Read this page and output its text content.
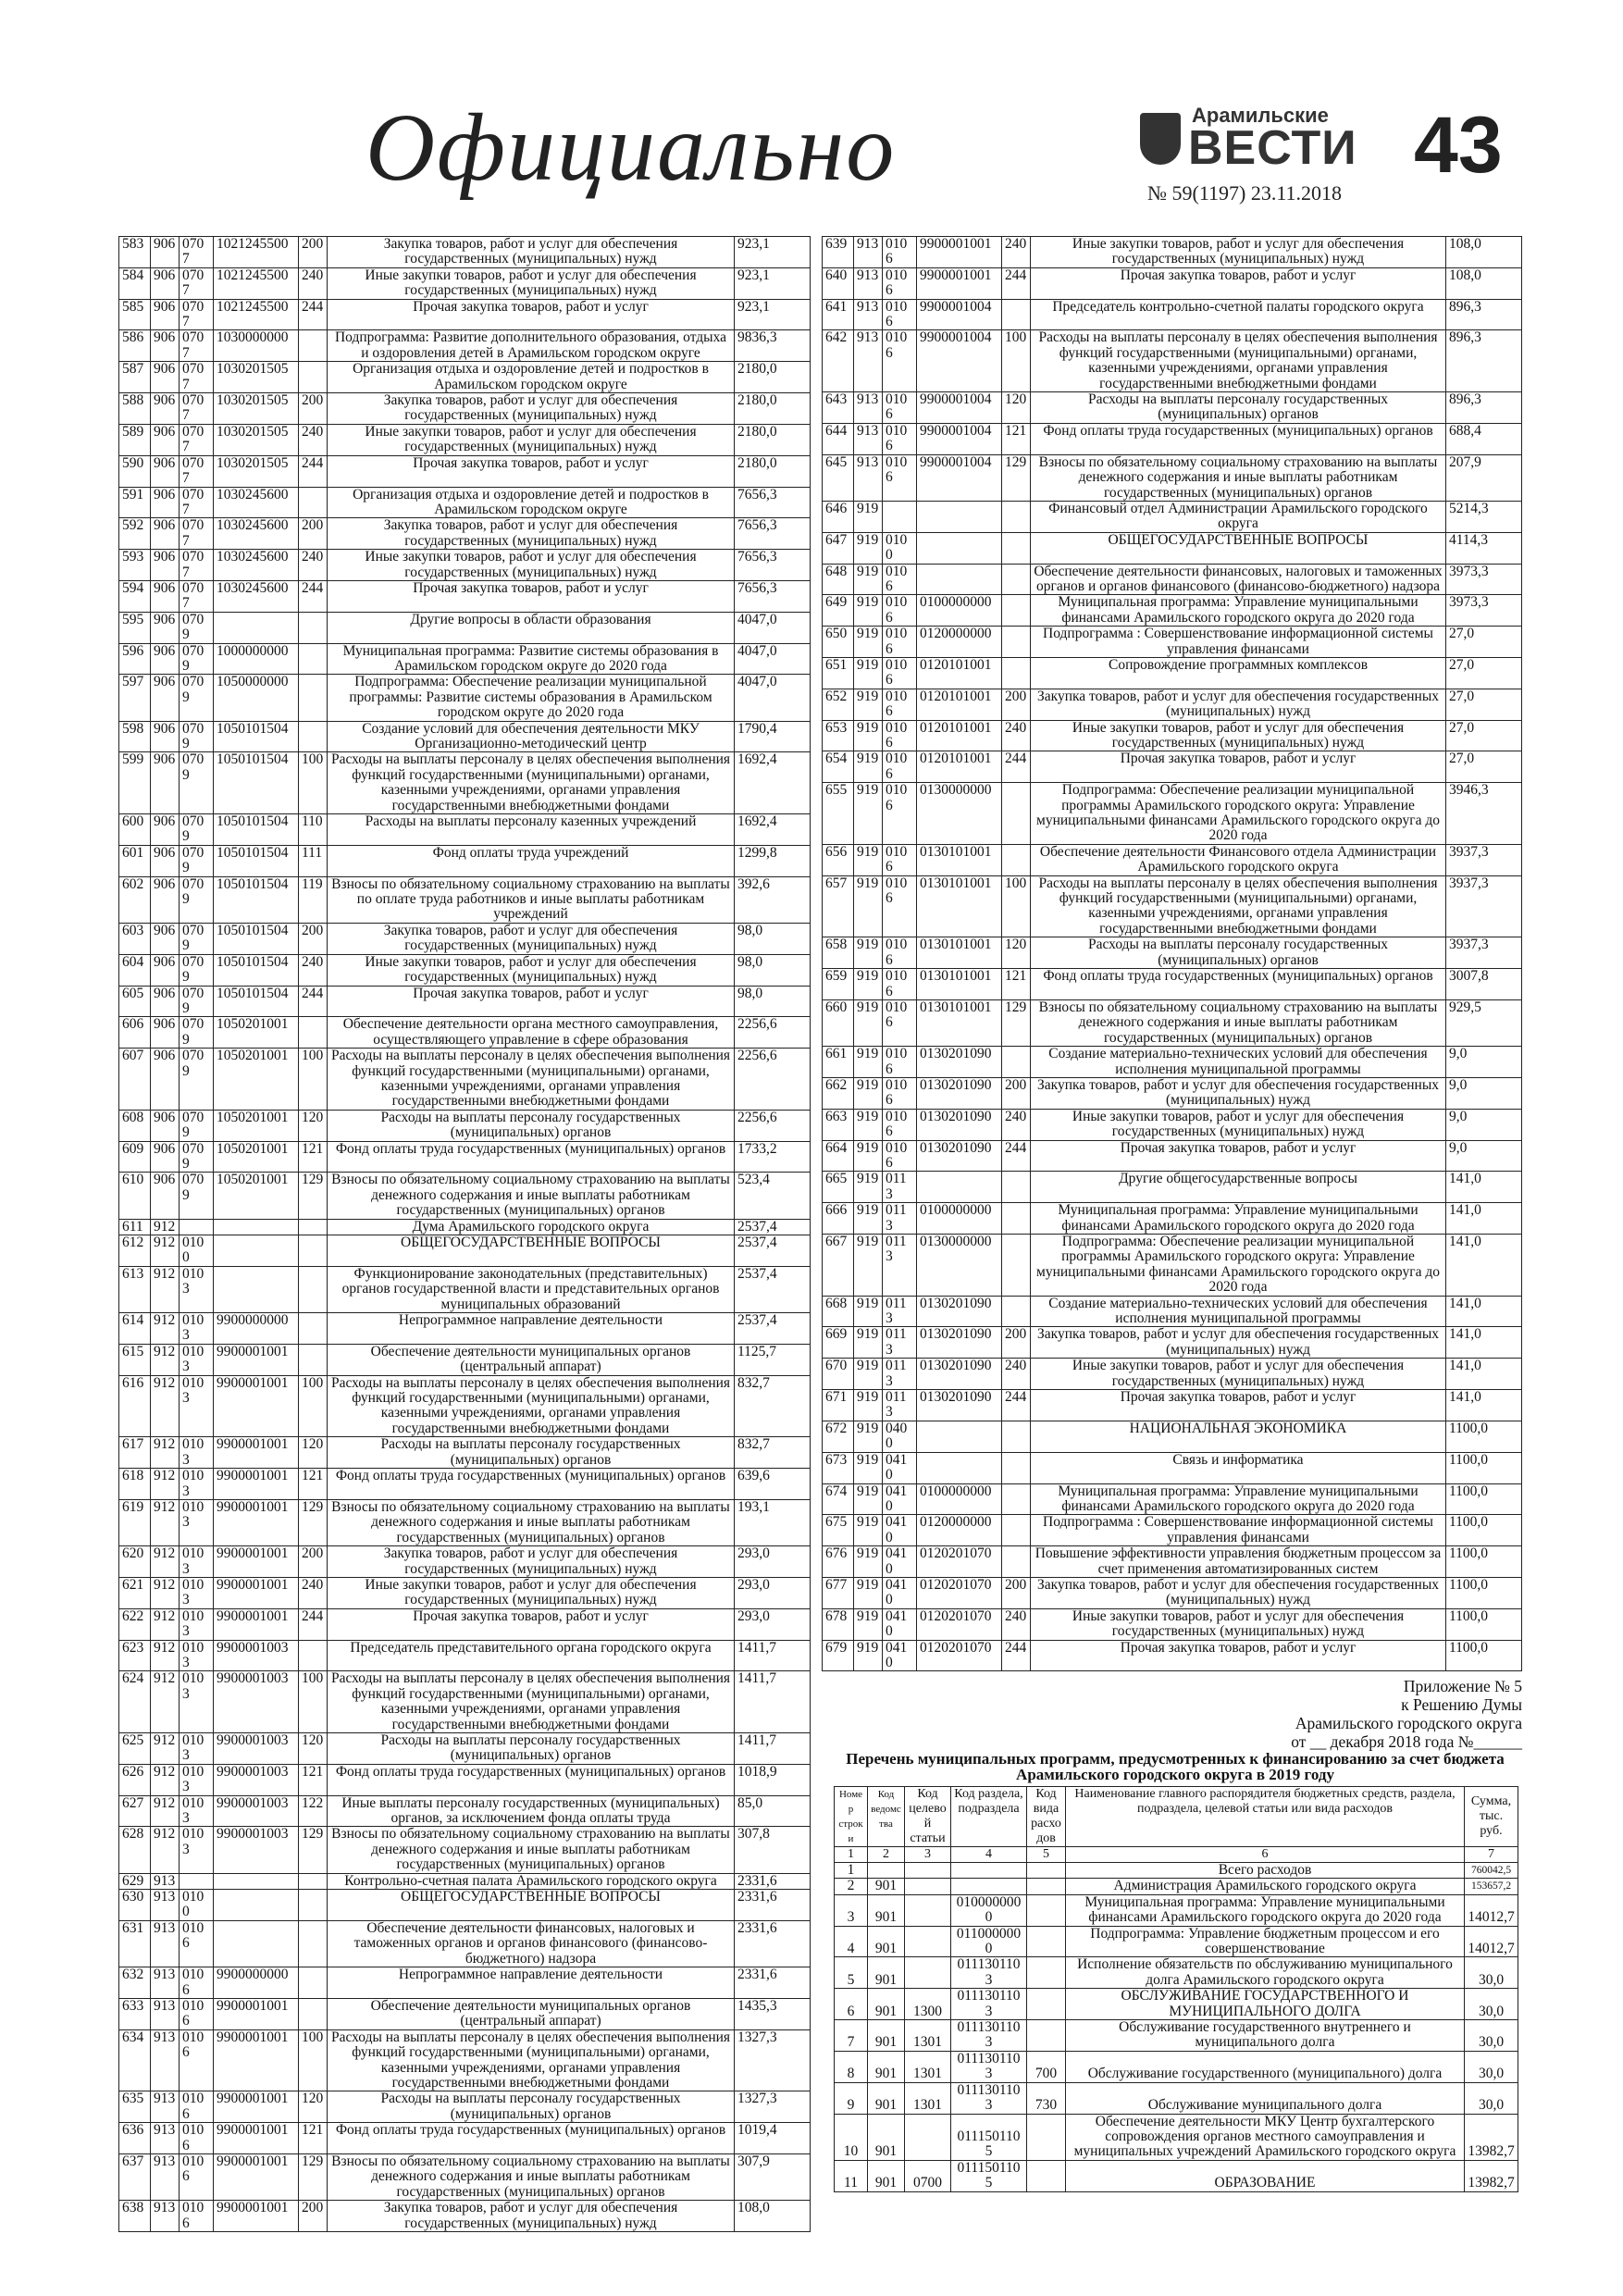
Официально	Арамильские
ВЕСТИ 43
№ 59(1197) 23.11.2018
583	906	0707	1021245500	200	Закупка товаров, работ и услуг для обеспечения государственных (муниципальных) нужд	923,1
584	906	0707	1021245500	240	Иные закупки товаров, работ и услуг для обеспечения государственных (муниципальных) нужд	923,1
585	906	0707	1021245500	244	Прочая закупка товаров, работ и услуг	923,1
586	906	0707	1030000000		Подпрограмма: Развитие дополнительного образования, отдыха и оздоровления детей в Арамильском городском округе	9836,3
587	906	0707	1030201505		Организация отдыха и оздоровление детей и подростков в Арамильском городском округе	2180,0
588	906	0707	1030201505	200	Закупка товаров, работ и услуг для обеспечения государственных (муниципальных) нужд	2180,0
589	906	0707	1030201505	240	Иные закупки товаров, работ и услуг для обеспечения государственных (муниципальных) нужд	2180,0
590	906	0707	1030201505	244	Прочая закупка товаров, работ и услуг	2180,0
591	906	0707	1030245600		Организация отдыха и оздоровление детей и подростков в Арамильском городском округе	7656,3
592	906	0707	1030245600	200	Закупка товаров, работ и услуг для обеспечения государственных (муниципальных) нужд	7656,3
593	906	0707	1030245600	240	Иные закупки товаров, работ и услуг для обеспечения государственных (муниципальных) нужд	7656,3
594	906	0707	1030245600	244	Прочая закупка товаров, работ и услуг	7656,3
595	906	0709			Другие вопросы в области образования	4047,0
596	906	0709	1000000000		Муниципальная программа: Развитие системы образования в Арамильском городском округе до 2020 года	4047,0
597	906	0709	1050000000		Подпрограмма: Обеспечение реализации муниципальной программы: Развитие системы образования в Арамильском городском округе до 2020 года	4047,0
598	906	0709	1050101504		Создание условий для обеспечения деятельности МКУ Организационно-методический центр	1790,4
599	906	0709	1050101504	100	Расходы на выплаты персоналу в целях обеспечения выполнения функций государственными (муниципальными) органами, казенными учреждениями, органами управления государственными внебюджетными фондами	1692,4
600	906	0709	1050101504	110	Расходы на выплаты персоналу казенных учреждений	1692,4
601	906	0709	1050101504	111	Фонд оплаты труда учреждений	1299,8
602	906	0709	1050101504	119	Взносы по обязательному социальному страхованию на выплаты по оплате труда работников и иные выплаты работникам учреждений	392,6
603	906	0709	1050101504	200	Закупка товаров, работ и услуг для обеспечения государственных (муниципальных) нужд	98,0
604	906	0709	1050101504	240	Иные закупки товаров, работ и услуг для обеспечения государственных (муниципальных) нужд	98,0
605	906	0709	1050101504	244	Прочая закупка товаров, работ и услуг	98,0
606	906	0709	1050201001		Обеспечение деятельности органа местного самоуправления, осуществляющего управление в сфере образования	2256,6
607	906	0709	1050201001	100	Расходы на выплаты персоналу в целях обеспечения выполнения функций государственными (муниципальными) органами, казенными учреждениями, органами управления государственными внебюджетными фондами	2256,6
608	906	0709	1050201001	120	Расходы на выплаты персоналу государственных (муниципальных) органов	2256,6
609	906	0709	1050201001	121	Фонд оплаты труда государственных (муниципальных) органов	1733,2
610	906	0709	1050201001	129	Взносы по обязательному социальному страхованию на выплаты денежного содержания и иные выплаты работникам государственных (муниципальных) органов	523,4
611	912				Дума Арамильского городского округа	2537,4
612	912	0100			ОБЩЕГОСУДАРСТВЕННЫЕ ВОПРОСЫ	2537,4
613	912	0103			Функционирование законодательных (представительных) органов государственной власти и представительных органов муниципальных образований	2537,4
614	912	0103	9900000000		Непрограммное направление деятельности	2537,4
615	912	0103	9900001001		Обеспечение деятельности муниципальных органов (центральный аппарат)	1125,7
616	912	0103	9900001001	100	Расходы на выплаты персоналу в целях обеспечения выполнения функций государственными (муниципальными) органами, казенными учреждениями, органами управления государственными внебюджетными фондами	832,7
617	912	0103	9900001001	120	Расходы на выплаты персоналу государственных (муниципальных) органов	832,7
618	912	0103	9900001001	121	Фонд оплаты труда государственных (муниципальных) органов	639,6
619	912	0103	9900001001	129	Взносы по обязательному социальному страхованию на выплаты денежного содержания и иные выплаты работникам государственных (муниципальных) органов	193,1
620	912	0103	9900001001	200	Закупка товаров, работ и услуг для обеспечения государственных (муниципальных) нужд	293,0
621	912	0103	9900001001	240	Иные закупки товаров, работ и услуг для обеспечения государственных (муниципальных) нужд	293,0
622	912	0103	9900001001	244	Прочая закупка товаров, работ и услуг	293,0
623	912	0103	9900001003		Председатель представительного органа городского округа	1411,7
624	912	0103	9900001003	100	Расходы на выплаты персоналу в целях обеспечения выполнения функций государственными (муниципальными) органами, казенными учреждениями, органами управления государственными внебюджетными фондами	1411,7
625	912	0103	9900001003	120	Расходы на выплаты персоналу государственных (муниципальных) органов	1411,7
626	912	0103	9900001003	121	Фонд оплаты труда государственных (муниципальных) органов	1018,9
627	912	0103	9900001003	122	Иные выплаты персоналу государственных (муниципальных) органов, за исключением фонда оплаты труда	85,0
628	912	0103	9900001003	129	Взносы по обязательному социальному страхованию на выплаты денежного содержания и иные выплаты работникам государственных (муниципальных) органов	307,8
629	913				Контрольно-счетная палата Арамильского городского округа	2331,6
630	913	0100			ОБЩЕГОСУДАРСТВЕННЫЕ ВОПРОСЫ	2331,6
631	913	0106			Обеспечение деятельности финансовых, налоговых и таможенных органов и органов финансового (финансово-бюджетного) надзора	2331,6
632	913	0106	9900000000		Непрограммное направление деятельности	2331,6
633	913	0106	9900001001		Обеспечение деятельности муниципальных органов (центральный аппарат)	1435,3
634	913	0106	9900001001	100	Расходы на выплаты персоналу в целях обеспечения выполнения функций государственными (муниципальными) органами, казенными учреждениями, органами управления государственными внебюджетными фондами	1327,3
635	913	0106	9900001001	120	Расходы на выплаты персоналу государственных (муниципальных) органов	1327,3
636	913	0106	9900001001	121	Фонд оплаты труда государственных (муниципальных) органов	1019,4
637	913	0106	9900001001	129	Взносы по обязательному социальному страхованию на выплаты денежного содержания и иные выплаты работникам государственных (муниципальных) органов	307,9
638	913	0106	9900001001	200	Закупка товаров, работ и услуг для обеспечения государственных (муниципальных) нужд	108,0
639	913	0106	9900001001	240	Иные закупки товаров, работ и услуг для обеспечения государственных (муниципальных) нужд	108,0
640	913	0106	9900001001	244	Прочая закупка товаров, работ и услуг	108,0
641	913	0106	9900001004		Председатель контрольно-счетной палаты городского округа	896,3
642	913	0106	9900001004	100	Расходы на выплаты персоналу в целях обеспечения выполнения функций государственными (муниципальными) органами, казенными учреждениями, органами управления государственными внебюджетными фондами	896,3
643	913	0106	9900001004	120	Расходы на выплаты персоналу государственных (муниципальных) органов	896,3
644	913	0106	9900001004	121	Фонд оплаты труда государственных (муниципальных) органов	688,4
645	913	0106	9900001004	129	Взносы по обязательному социальному страхованию на выплаты денежного содержания и иные выплаты работникам государственных (муниципальных) органов	207,9
646	919				Финансовый отдел Администрации Арамильского городского округа	5214,3
647	919	0100			ОБЩЕГОСУДАРСТВЕННЫЕ ВОПРОСЫ	4114,3
648	919	0106			Обеспечение деятельности финансовых, налоговых и таможенных органов и органов финансового (финансово-бюджетного) надзора	3973,3
649	919	0106	0100000000		Муниципальная программа: Управление муниципальными финансами Арамильского городского округа до 2020 года	3973,3
650	919	0106	0120000000		Подпрограмма : Совершенствование информационной системы управления финансами	27,0
651	919	0106	0120101001		Сопровождение программных комплексов	27,0
652	919	0106	0120101001	200	Закупка товаров, работ и услуг для обеспечения государственных (муниципальных) нужд	27,0
653	919	0106	0120101001	240	Иные закупки товаров, работ и услуг для обеспечения государственных (муниципальных) нужд	27,0
654	919	0106	0120101001	244	Прочая закупка товаров, работ и услуг	27,0
655	919	0106	0130000000		Подпрограмма: Обеспечение реализации муниципальной программы Арамильского городского округа: Управление муниципальными финансами Арамильского городского округа до 2020 года	3946,3
656	919	0106	0130101001		Обеспечение деятельности Финансового отдела Администрации Арамильского городского округа	3937,3
657	919	0106	0130101001	100	Расходы на выплаты персоналу в целях обеспечения выполнения функций государственными (муниципальными) органами, казенными учреждениями, органами управления государственными внебюджетными фондами	3937,3
658	919	0106	0130101001	120	Расходы на выплаты персоналу государственных (муниципальных) органов	3937,3
659	919	0106	0130101001	121	Фонд оплаты труда государственных (муниципальных) органов	3007,8
660	919	0106	0130101001	129	Взносы по обязательному социальному страхованию на выплаты денежного содержания и иные выплаты работникам государственных (муниципальных) органов	929,5
661	919	0106	0130201090		Создание материально-технических условий для обеспечения исполнения муниципальной программы	9,0
662	919	0106	0130201090	200	Закупка товаров, работ и услуг для обеспечения государственных (муниципальных) нужд	9,0
663	919	0106	0130201090	240	Иные закупки товаров, работ и услуг для обеспечения государственных (муниципальных) нужд	9,0
664	919	0106	0130201090	244	Прочая закупка товаров, работ и услуг	9,0
665	919	0113			Другие общегосударственные вопросы	141,0
666	919	0113	0100000000		Муниципальная программа: Управление муниципальными финансами Арамильского городского округа до 2020 года	141,0
667	919	0113	0130000000		Подпрограмма: Обеспечение реализации муниципальной программы Арамильского городского округа: Управление муниципальными финансами Арамильского городского округа до 2020 года	141,0
668	919	0113	0130201090		Создание материально-технических условий для обеспечения исполнения муниципальной программы	141,0
669	919	0113	0130201090	200	Закупка товаров, работ и услуг для обеспечения государственных (муниципальных) нужд	141,0
670	919	0113	0130201090	240	Иные закупки товаров, работ и услуг для обеспечения государственных (муниципальных) нужд	141,0
671	919	0113	0130201090	244	Прочая закупка товаров, работ и услуг	141,0
672	919	0400			НАЦИОНАЛЬНАЯ ЭКОНОМИКА	1100,0
673	919	0410			Связь и информатика	1100,0
674	919	0410	0100000000		Муниципальная программа: Управление муниципальными финансами Арамильского городского округа до 2020 года	1100,0
675	919	0410	0120000000		Подпрограмма : Совершенствование информационной системы управления финансами	1100,0
676	919	0410	0120201070		Повышение эффективности управления бюджетным процессом за счет применения автоматизированных систем	1100,0
677	919	0410	0120201070	200	Закупка товаров, работ и услуг для обеспечения государственных (муниципальных) нужд	1100,0
678	919	0410	0120201070	240	Иные закупки товаров, работ и услуг для обеспечения государственных (муниципальных) нужд	1100,0
679	919	0410	0120201070	244	Прочая закупка товаров, работ и услуг	1100,0
Приложение № 5
к Решению Думы
Арамильского городского округа
от __ декабря 2018 года №______
Перечень муниципальных программ, предусмотренных к финансированию за счет бюджета Арамильского городского округа в 2019 году
Номер строки	Код ведомства	Код целевой статьи	Код раздела, подраздела	Код вида расходов	Наименование главного распорядителя бюджетных средств, раздела, подраздела, целевой статьи или вида расходов	Сумма, тыс. руб.
1	2	3	4	5	6	7
1					Всего расходов	760042,5
2	901				Администрация Арамильского городского округа	153657,2
3	901		0100000000		Муниципальная программа: Управление муниципальными финансами Арамильского городского округа до 2020 года	14012,7
4	901		0110000000		Подпрограмма: Управление бюджетным процессом и его совершенствование	14012,7
5	901		0111301103		Исполнение обязательств по обслуживанию муниципального долга Арамильского городского округа	30,0
6	901	1300	0111301103		ОБСЛУЖИВАНИЕ ГОСУДАРСТВЕННОГО И МУНИЦИПАЛЬНОГО ДОЛГА	30,0
7	901	1301	0111301103		Обслуживание государственного внутреннего и муниципального долга	30,0
8	901	1301	0111301103	700	Обслуживание государственного (муниципального) долга	30,0
9	901	1301	0111301103	730	Обслуживание муниципального долга	30,0
10	901		0111501105		Обеспечение деятельности МКУ Центр бухгалтерского сопровождения органов местного самоуправления и муниципальных учреждений Арамильского городского округа	13982,7
11	901	0700	0111501105		ОБРАЗОВАНИЕ	13982,7
